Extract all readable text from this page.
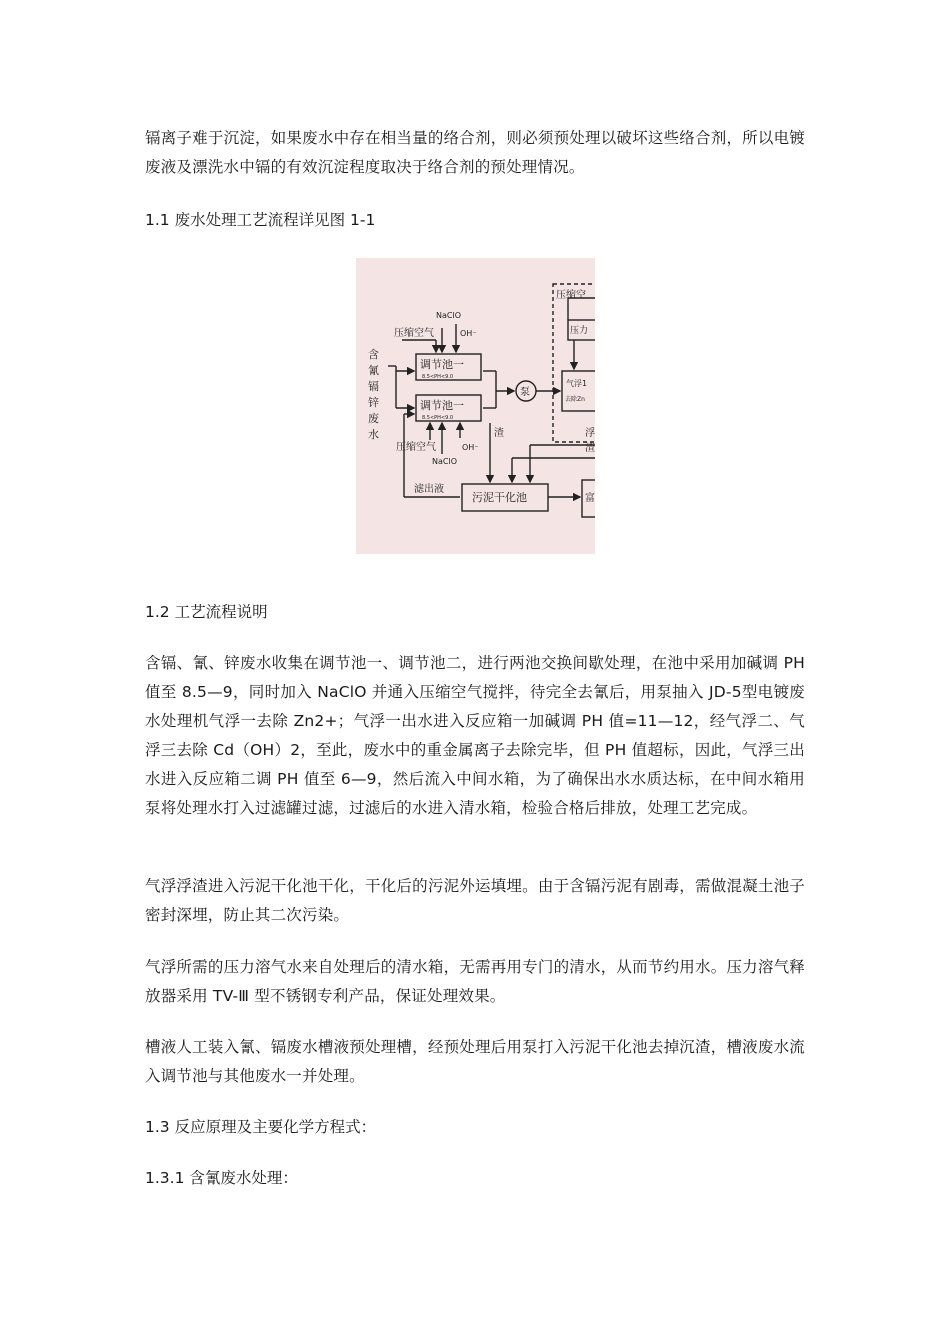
镉离子难于沉淀，如果废水中存在相当量的络合剂，则必须预处理以破坏这些络合剂，所以电镀废液及漂洗水中镉的有效沉淀程度取决于络合剂的预处理情况。
1.1 废水处理工艺流程详见图 1-1
含
氰
镉
锌
废
水
NaClO
压缩空气	OH⁻
调节池一
8.5<PH<9.0
调节池一
8.5<PH<9.0
压缩空气	OH⁻
NaClO
渣
泵
压缩空
压力
气浮1
去除Zn
浮
渣
滤出液
污泥干化池	富
1.2 工艺流程说明
含镉、氰、锌废水收集在调节池一、调节池二，进行两池交换间歇处理，在池中采用加碱调 PH 值至 8.5—9，同时加入 NaClO 并通入压缩空气搅拌，待完全去氰后，用泵抽入 JD-5型电镀废水处理机气浮一去除 Zn2+；气浮一出水进入反应箱一加碱调 PH 值=11—12，经气浮二、气浮三去除 Cd（OH）2，至此，废水中的重金属离子去除完毕，但 PH 值超标，因此，气浮三出水进入反应箱二调 PH 值至 6—9，然后流入中间水箱，为了确保出水水质达标，在中间水箱用泵将处理水打入过滤罐过滤，过滤后的水进入清水箱，检验合格后排放，处理工艺完成。
气浮浮渣进入污泥干化池干化，干化后的污泥外运填埋。由于含镉污泥有剧毒，需做混凝土池子密封深埋，防止其二次污染。
气浮所需的压力溶气水来自处理后的清水箱，无需再用专门的清水，从而节约用水。压力溶气释放器采用 TV-Ⅲ 型不锈钢专利产品，保证处理效果。
槽液人工装入氰、镉废水槽液预处理槽，经预处理后用泵打入污泥干化池去掉沉渣，槽液废水流入调节池与其他废水一并处理。
1.3 反应原理及主要化学方程式：
1.3.1 含氰废水处理：
